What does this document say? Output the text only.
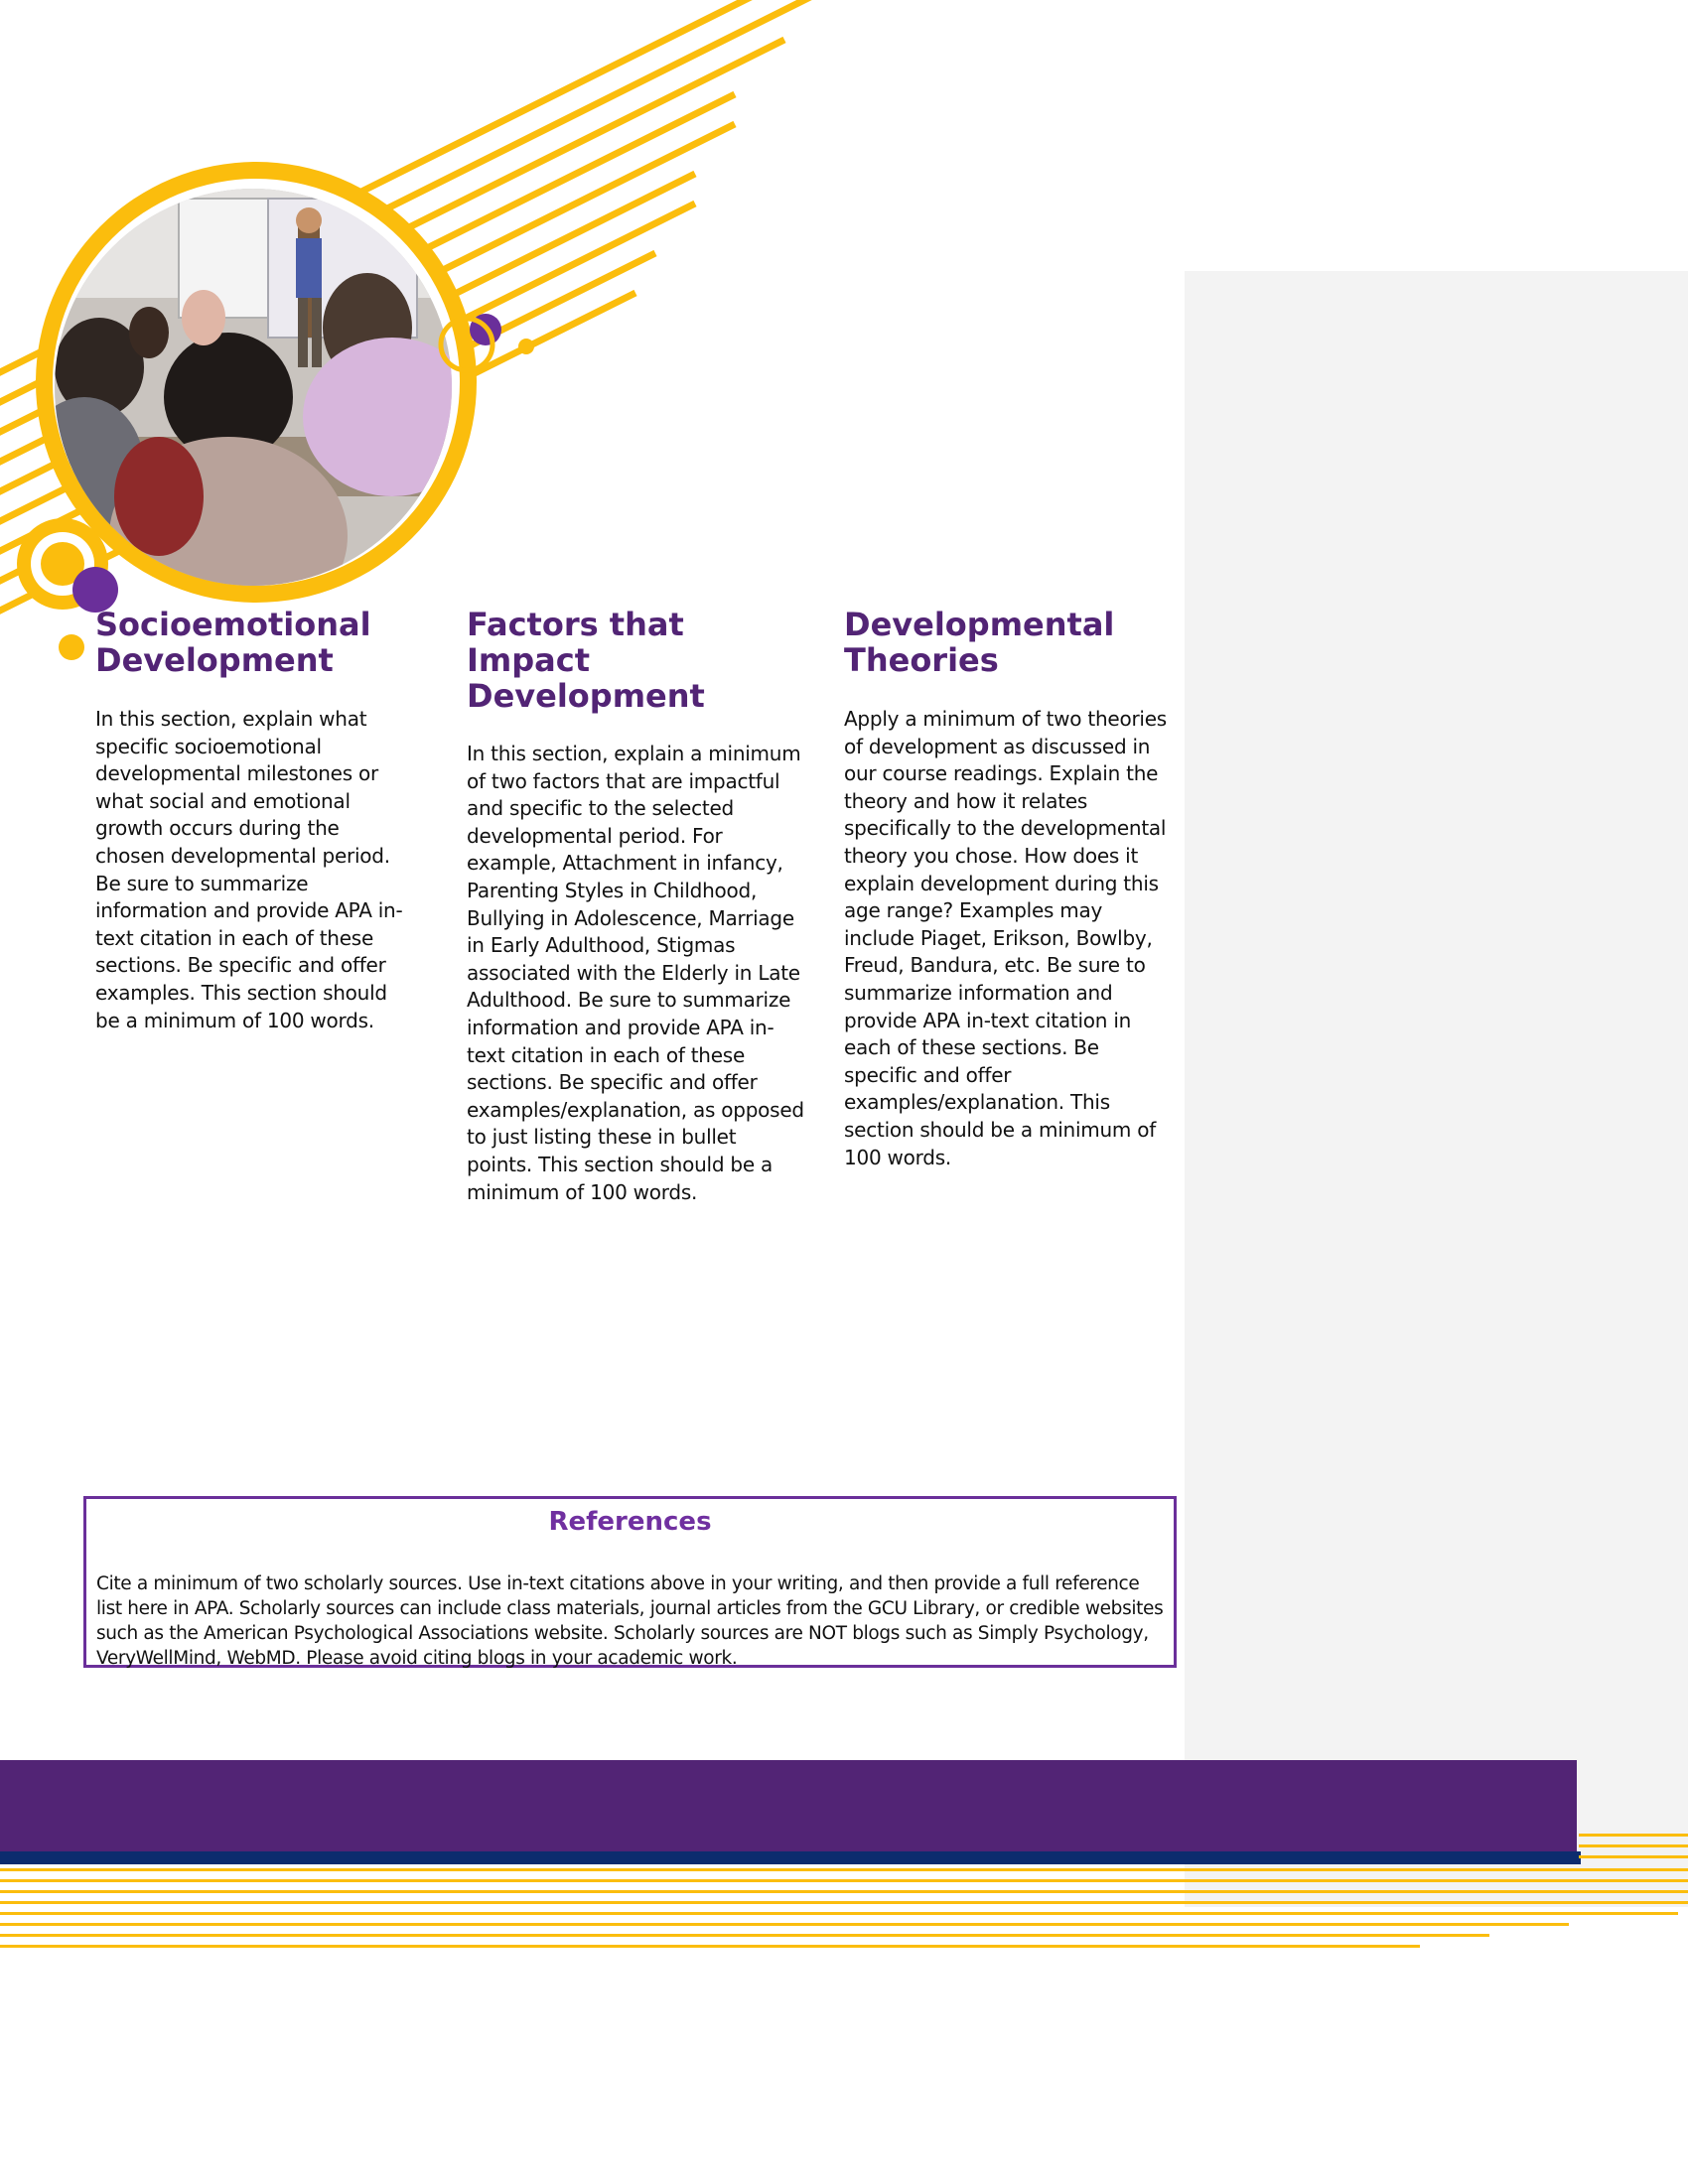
Socioemotional Development

In this section, explain what specific socioemotional developmental milestones or what social and emotional growth occurs during the chosen developmental period. Be sure to summarize information and provide APA in-text citation in each of these sections. Be specific and offer examples. This section should be a minimum of 100 words.

Factors that Impact Development

In this section, explain a minimum of two factors that are impactful and specific to the selected developmental period. For example, Attachment in infancy, Parenting Styles in Childhood, Bullying in Adolescence, Marriage in Early Adulthood, Stigmas associated with the Elderly in Late Adulthood. Be sure to summarize information and provide APA in-text citation in each of these sections. Be specific and offer examples/explanation, as opposed to just listing these in bullet points. This section should be a minimum of 100 words.

Developmental Theories

Apply a minimum of two theories of development as discussed in our course readings. Explain the theory and how it relates specifically to the developmental theory you chose. How does it explain development during this age range? Examples may include Piaget, Erikson, Bowlby, Freud, Bandura, etc. Be sure to summarize information and provide APA in-text citation in each of these sections. Be specific and offer examples/explanation. This section should be a minimum of 100 words.

References

Cite a minimum of two scholarly sources. Use in-text citations above in your writing, and then provide a full reference list here in APA. Scholarly sources can include class materials, journal articles from the GCU Library, or credible websites such as the American Psychological Associations website. Scholarly sources are NOT blogs such as Simply Psychology, VeryWellMind, WebMD. Please avoid citing blogs in your academic work.
